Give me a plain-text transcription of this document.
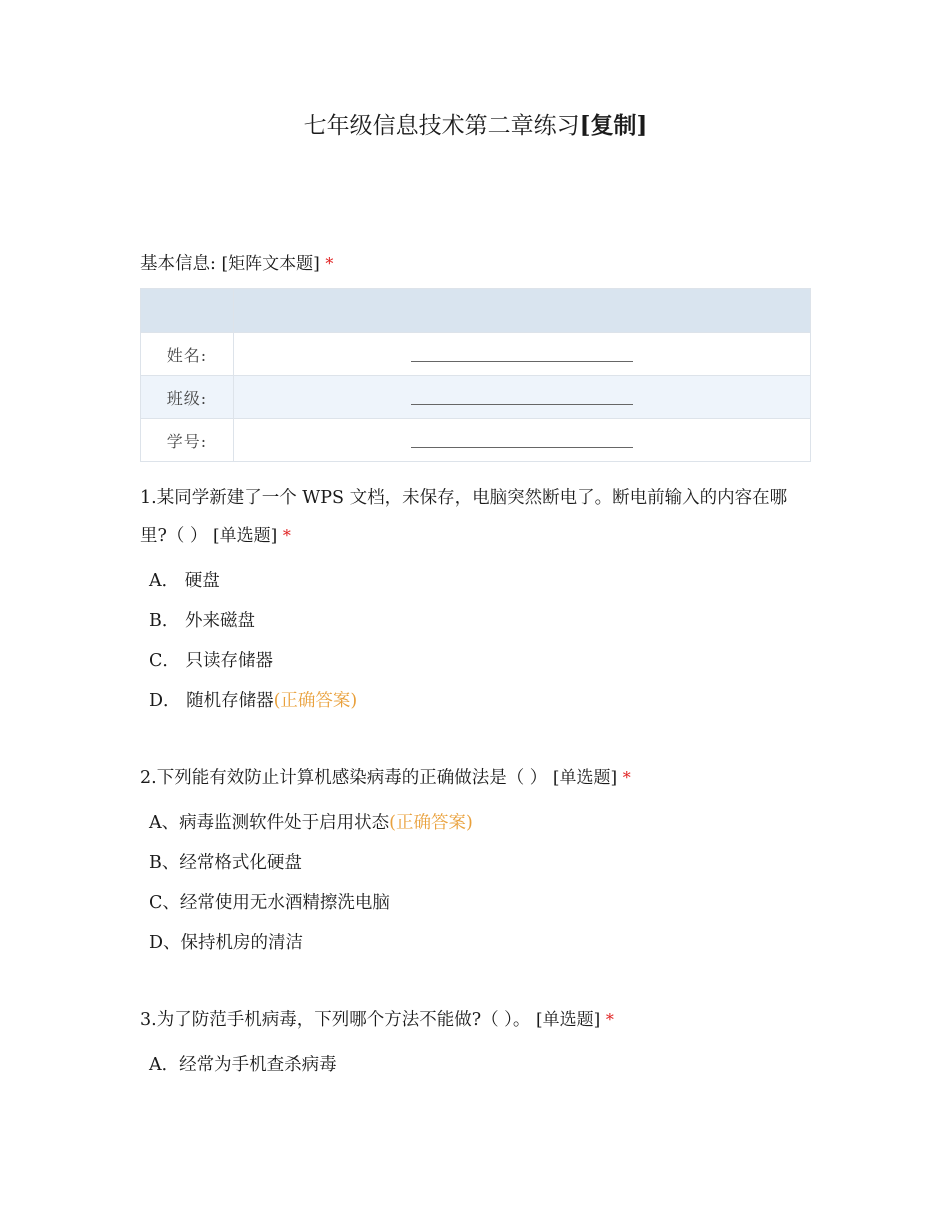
七年级信息技术第二章练习[复制]
基本信息: [矩阵文本题] *

姓名:	
班级:	
学号:	
1.某同学新建了一个 WPS 文档，未保存，电脑突然断电了。断电前输入的内容在哪里?（ ） [单选题] *
A． 硬盘
B． 外来磁盘
C． 只读存储器
D． 随机存储器(正确答案)
2.下列能有效防止计算机感染病毒的正确做法是（ ） [单选题] *
A、病毒监测软件处于启用状态(正确答案)
B、经常格式化硬盘
C、经常使用无水酒精擦洗电脑
D、保持机房的清洁
3.为了防范手机病毒，下列哪个方法不能做?（ ）。 [单选题] *
A．经常为手机查杀病毒
